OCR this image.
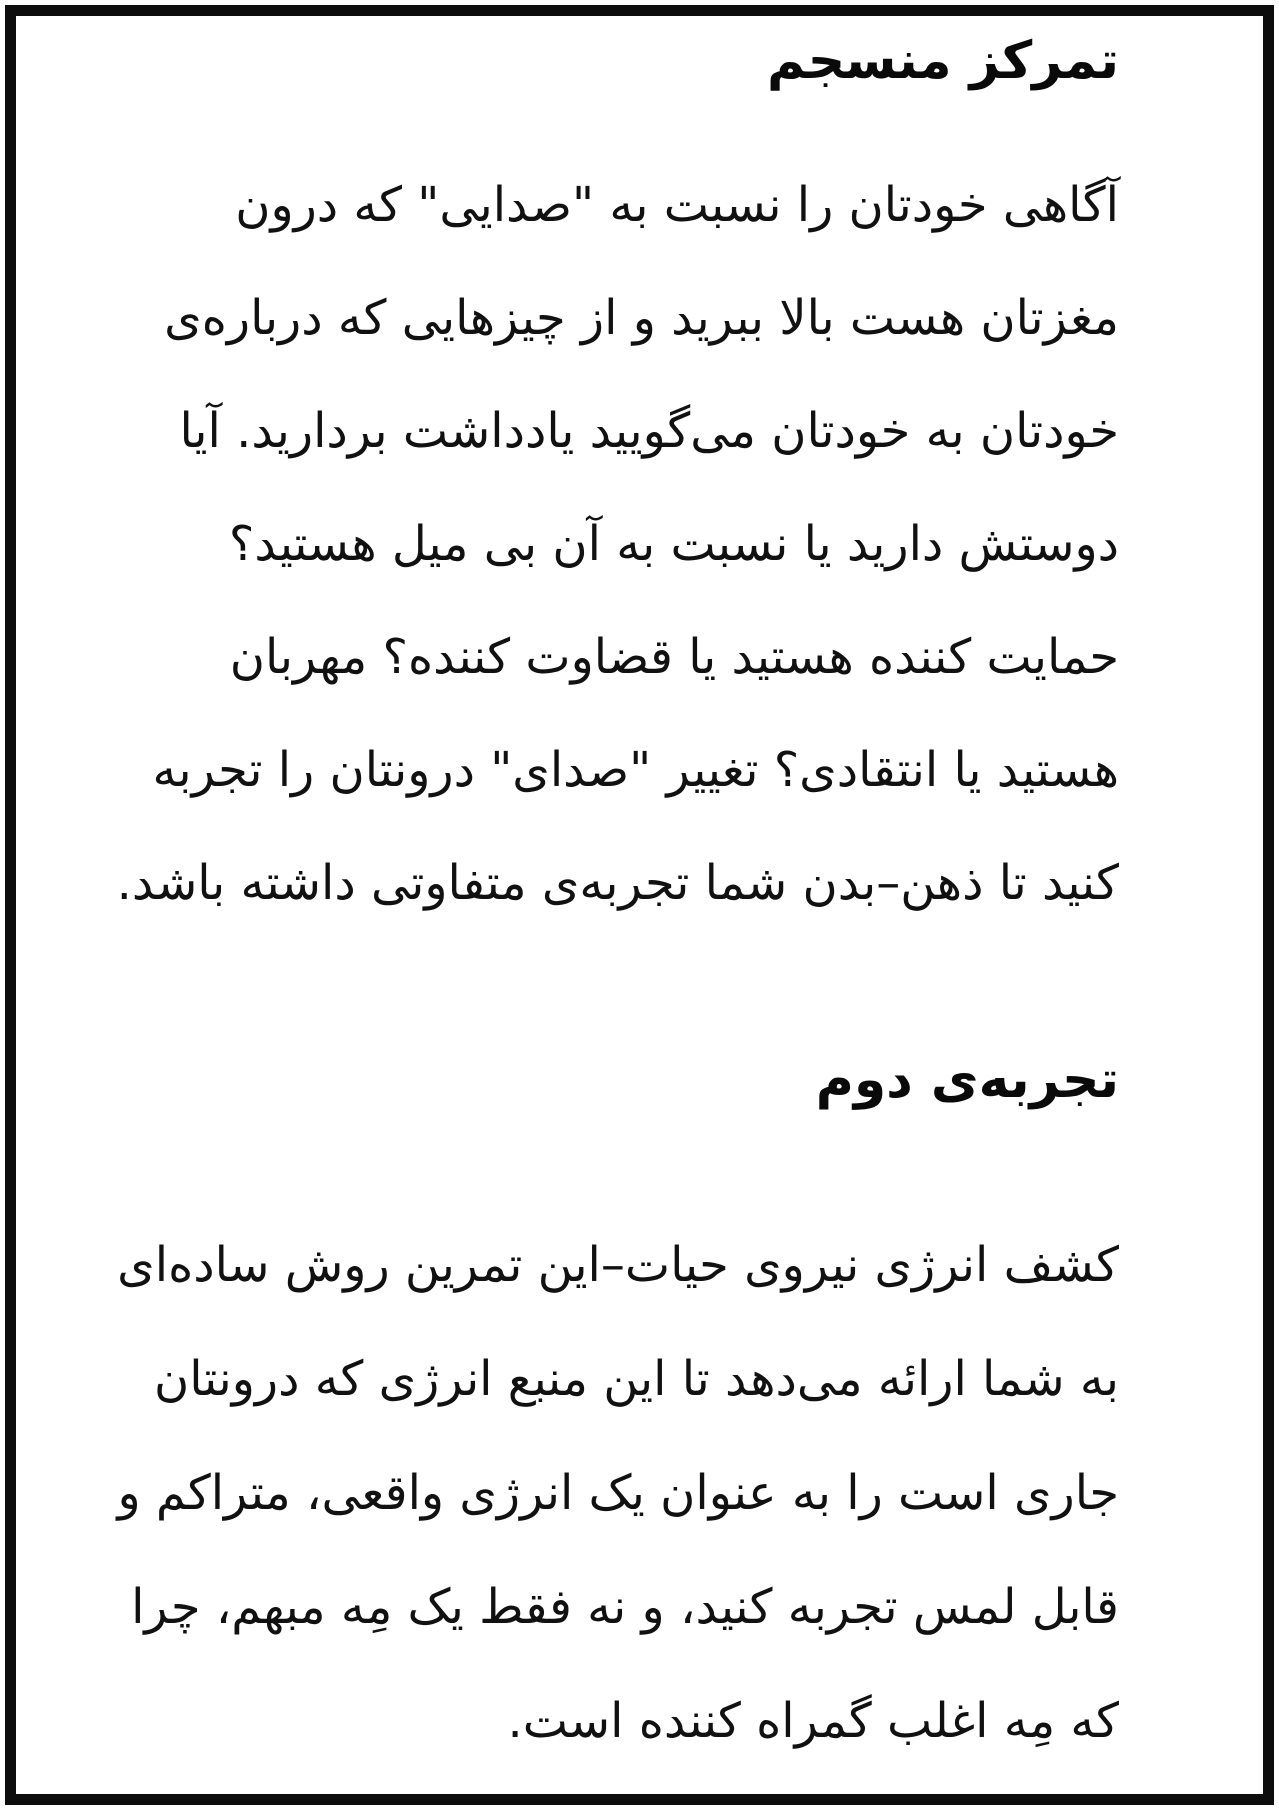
تمرکز منسجم

آگاهی خودتان را نسبت به "صدایی" که درون

مغزتان هست بالا ببرید و از چیزهایی که درباره‌ی

خودتان به خودتان می‌گویید یادداشت بردارید. آیا

دوستش دارید یا نسبت به آن بی میل هستید؟

حمایت کننده هستید یا قضاوت کننده؟ مهربان

هستید یا انتقادی؟ تغییر "صدای" درونتان را تجربه

کنید تا ذهن–بدن شما تجربه‌ی متفاوتی داشته باشد.

تجربه‌ی دوم

کشف انرژی نیروی حیات–این تمرین روش ساده‌ای

به شما ارائه می‌دهد تا این منبع انرژی که درونتان

جاری است را به عنوان یک انرژی واقعی، متراکم و

قابل لمس تجربه کنید، و نه فقط یک مِه مبهم، چرا

که مِه اغلب گمراه کننده است.
